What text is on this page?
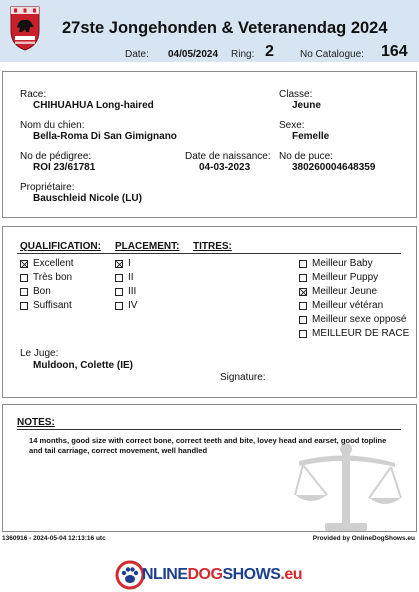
27ste Jongehonden & Veteranendag 2024
Date: 04/05/2024 Ring: 2	No Catalogue: 164
Race:
CHIHUAHUA Long-haired
Classe:
Jeune
Nom du chien:
Bella-Roma Di San Gimignano
Sexe:
Femelle
No de pédigree:
ROI 23/61781
Date de naissance:
04-03-2023
No de puce:
380260004648359
Propriétaire:
Bauschleid Nicole (LU)
QUALIFICATION: PLACEMENT: TITRES:
Excellent
Très bon
Bon
Suffisant
I
II
III
IV
Meilleur Baby
Meilleur Puppy
Meilleur Jeune
Meilleur vétéran
Meilleur sexe opposé
MEILLEUR DE RACE
Le Juge:
Muldoon, Colette (IE)
Signature:
NOTES:
14 months, good size with correct bone, correct teeth and bite, lovey head and earset, good topline and tail carriage, correct movement, well handled
1360916 - 2024-05-04 12:13:16 utc	Provided by OnlineDogShows.eu
NLINEDOGSHOWS.eu
